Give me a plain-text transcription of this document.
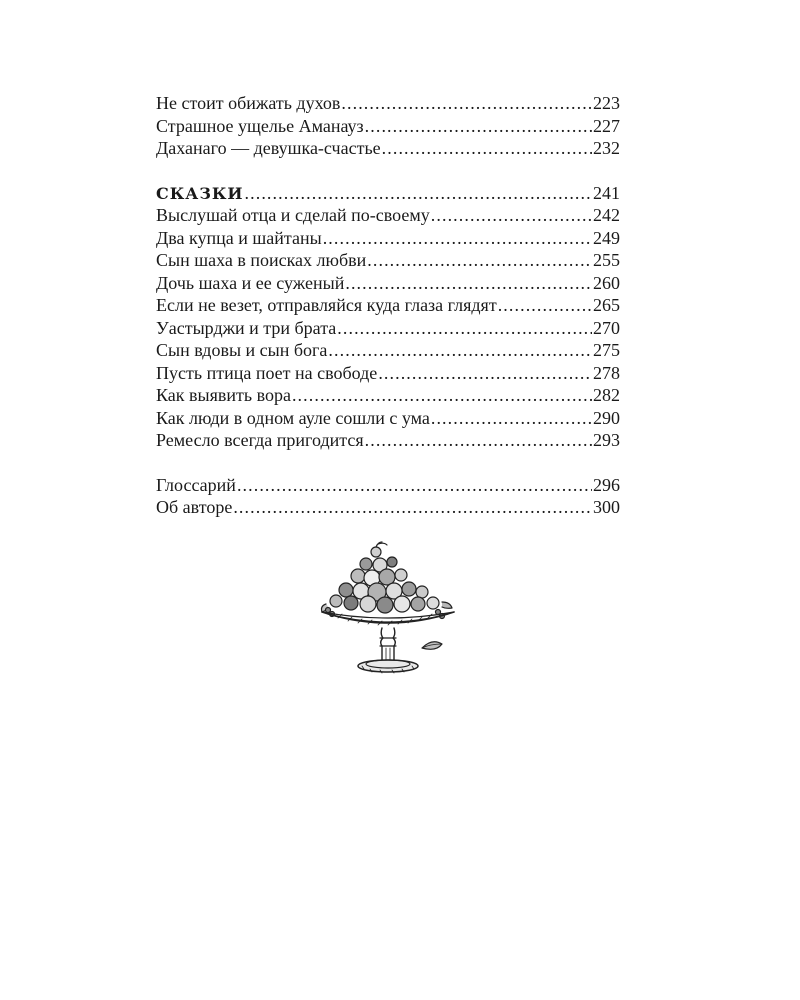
Не стоит обижать духов .....	223
Страшное ущелье Аманауз .....	227
Даханаго — девушка-счастье .....	232
СКАЗКИ .....	241
Выслушай отца и сделай по-своему .....	242
Два купца и шайтаны .....	249
Сын шаха в поисках любви .....	255
Дочь шаха и ее суженый .....	260
Если не везет, отправляйся куда глаза глядят .....	265
Уастырджи и три брата .....	270
Сын вдовы и сын бога .....	275
Пусть птица поет на свободе .....	278
Как выявить вора .....	282
Как люди в одном ауле сошли с ума .....	290
Ремесло всегда пригодится .....	293
Глоссарий .....	296
Об авторе .....	300
